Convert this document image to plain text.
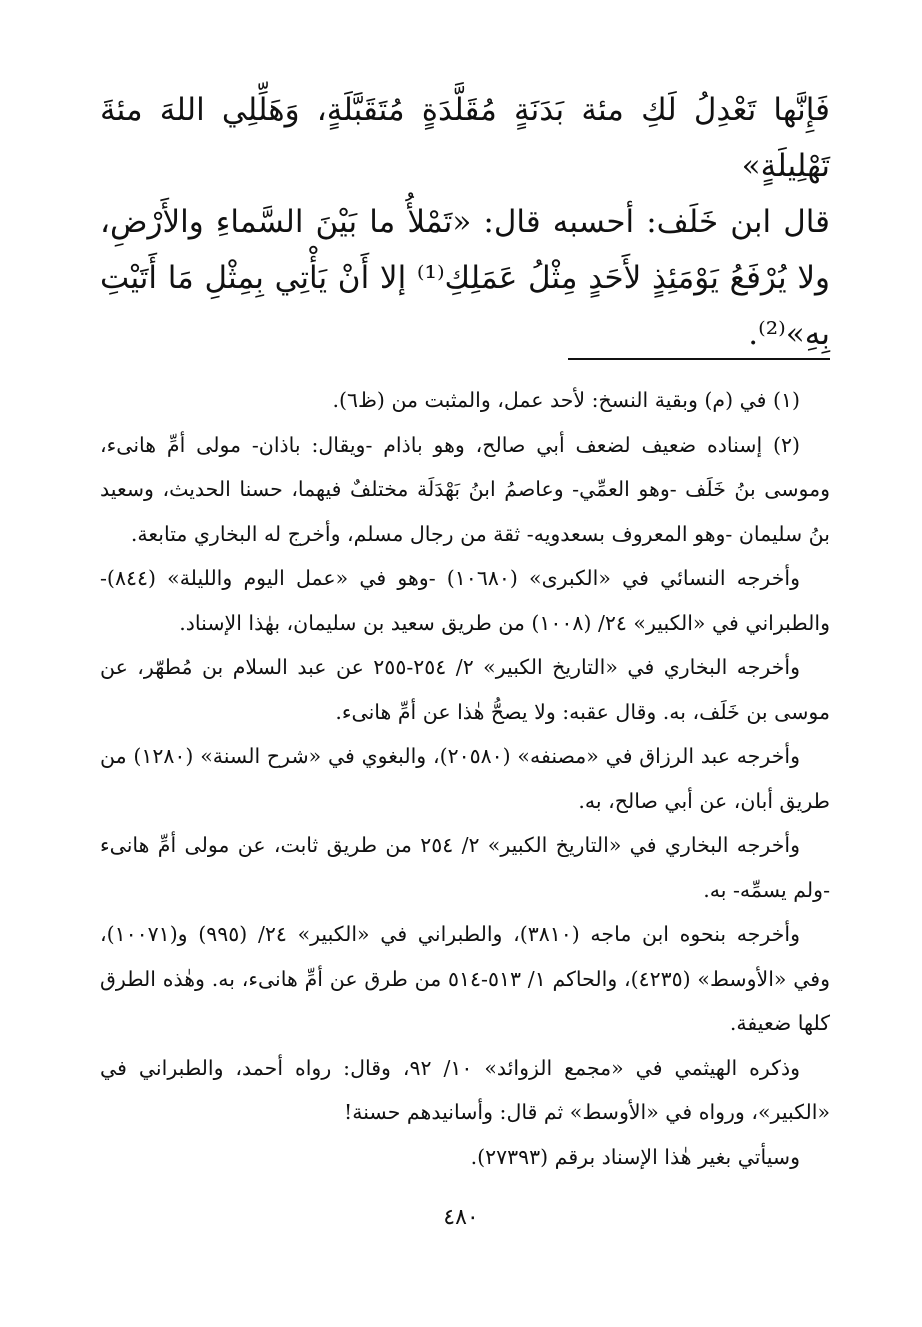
فَإِنَّها تَعْدِلُ لَكِ مئة بَدَنَةٍ مُقَلَّدَةٍ مُتَقَبَّلَةٍ، وَهَلِّلِي اللهَ مئةَ تَهْلِيلَةٍ»

قال ابن خَلَف: أحسبه قال: «تَمْلأُ ما بَيْنَ السَّماءِ والأَرْضِ، ولا يُرْفَعُ يَوْمَئِذٍ لأَحَدٍ مِثْلُ عَمَلِكِ⁽¹⁾ إلا أَنْ يَأْتِي بِمِثْلِ مَا أَتَيْتِ بِهِ»⁽²⁾.

(١) في (م) وبقية النسخ: لأحد عمل، والمثبت من (ظ٦).

(٢) إسناده ضعيف لضعف أبي صالح، وهو باذام -ويقال: باذان- مولى أمِّ هانىء، وموسى بنُ خَلَف -وهو العمِّي- وعاصمُ ابنُ بَهْدَلَة مختلفٌ فيهما، حسنا الحديث، وسعيد بنُ سليمان -وهو المعروف بسعدويه- ثقة من رجال مسلم، وأخرج له البخاري متابعة.

وأخرجه النسائي في «الكبرى» (١٠٦٨٠) -وهو في «عمل اليوم والليلة» (٨٤٤)- والطبراني في «الكبير» ٢٤/ (١٠٠٨) من طريق سعيد بن سليمان، بهٰذا الإسناد.

وأخرجه البخاري في «التاريخ الكبير» ٢/ ٢٥٤-٢٥٥ عن عبد السلام بن مُطهّر، عن موسى بن خَلَف، به. وقال عقبه: ولا يصحُّ هٰذا عن أمِّ هانىء.

وأخرجه عبد الرزاق في «مصنفه» (٢٠٥٨٠)، والبغوي في «شرح السنة» (١٢٨٠) من طريق أبان، عن أبي صالح، به.

وأخرجه البخاري في «التاريخ الكبير» ٢/ ٢٥٤ من طريق ثابت، عن مولى أمِّ هانىء -ولم يسمِّه- به.

وأخرجه بنحوه ابن ماجه (٣٨١٠)، والطبراني في «الكبير» ٢٤/ (٩٩٥) و(١٠٠٧١)، وفي «الأوسط» (٤٢٣٥)، والحاكم ١/ ٥١٣-٥١٤ من طرق عن أمِّ هانىء، به. وهٰذه الطرق كلها ضعيفة.

وذكره الهيثمي في «مجمع الزوائد» ١٠/ ٩٢، وقال: رواه أحمد، والطبراني في «الكبير»، ورواه في «الأوسط» ثم قال: وأسانيدهم حسنة!

وسيأتي بغير هٰذا الإسناد برقم (٢٧٣٩٣).

٤٨٠
